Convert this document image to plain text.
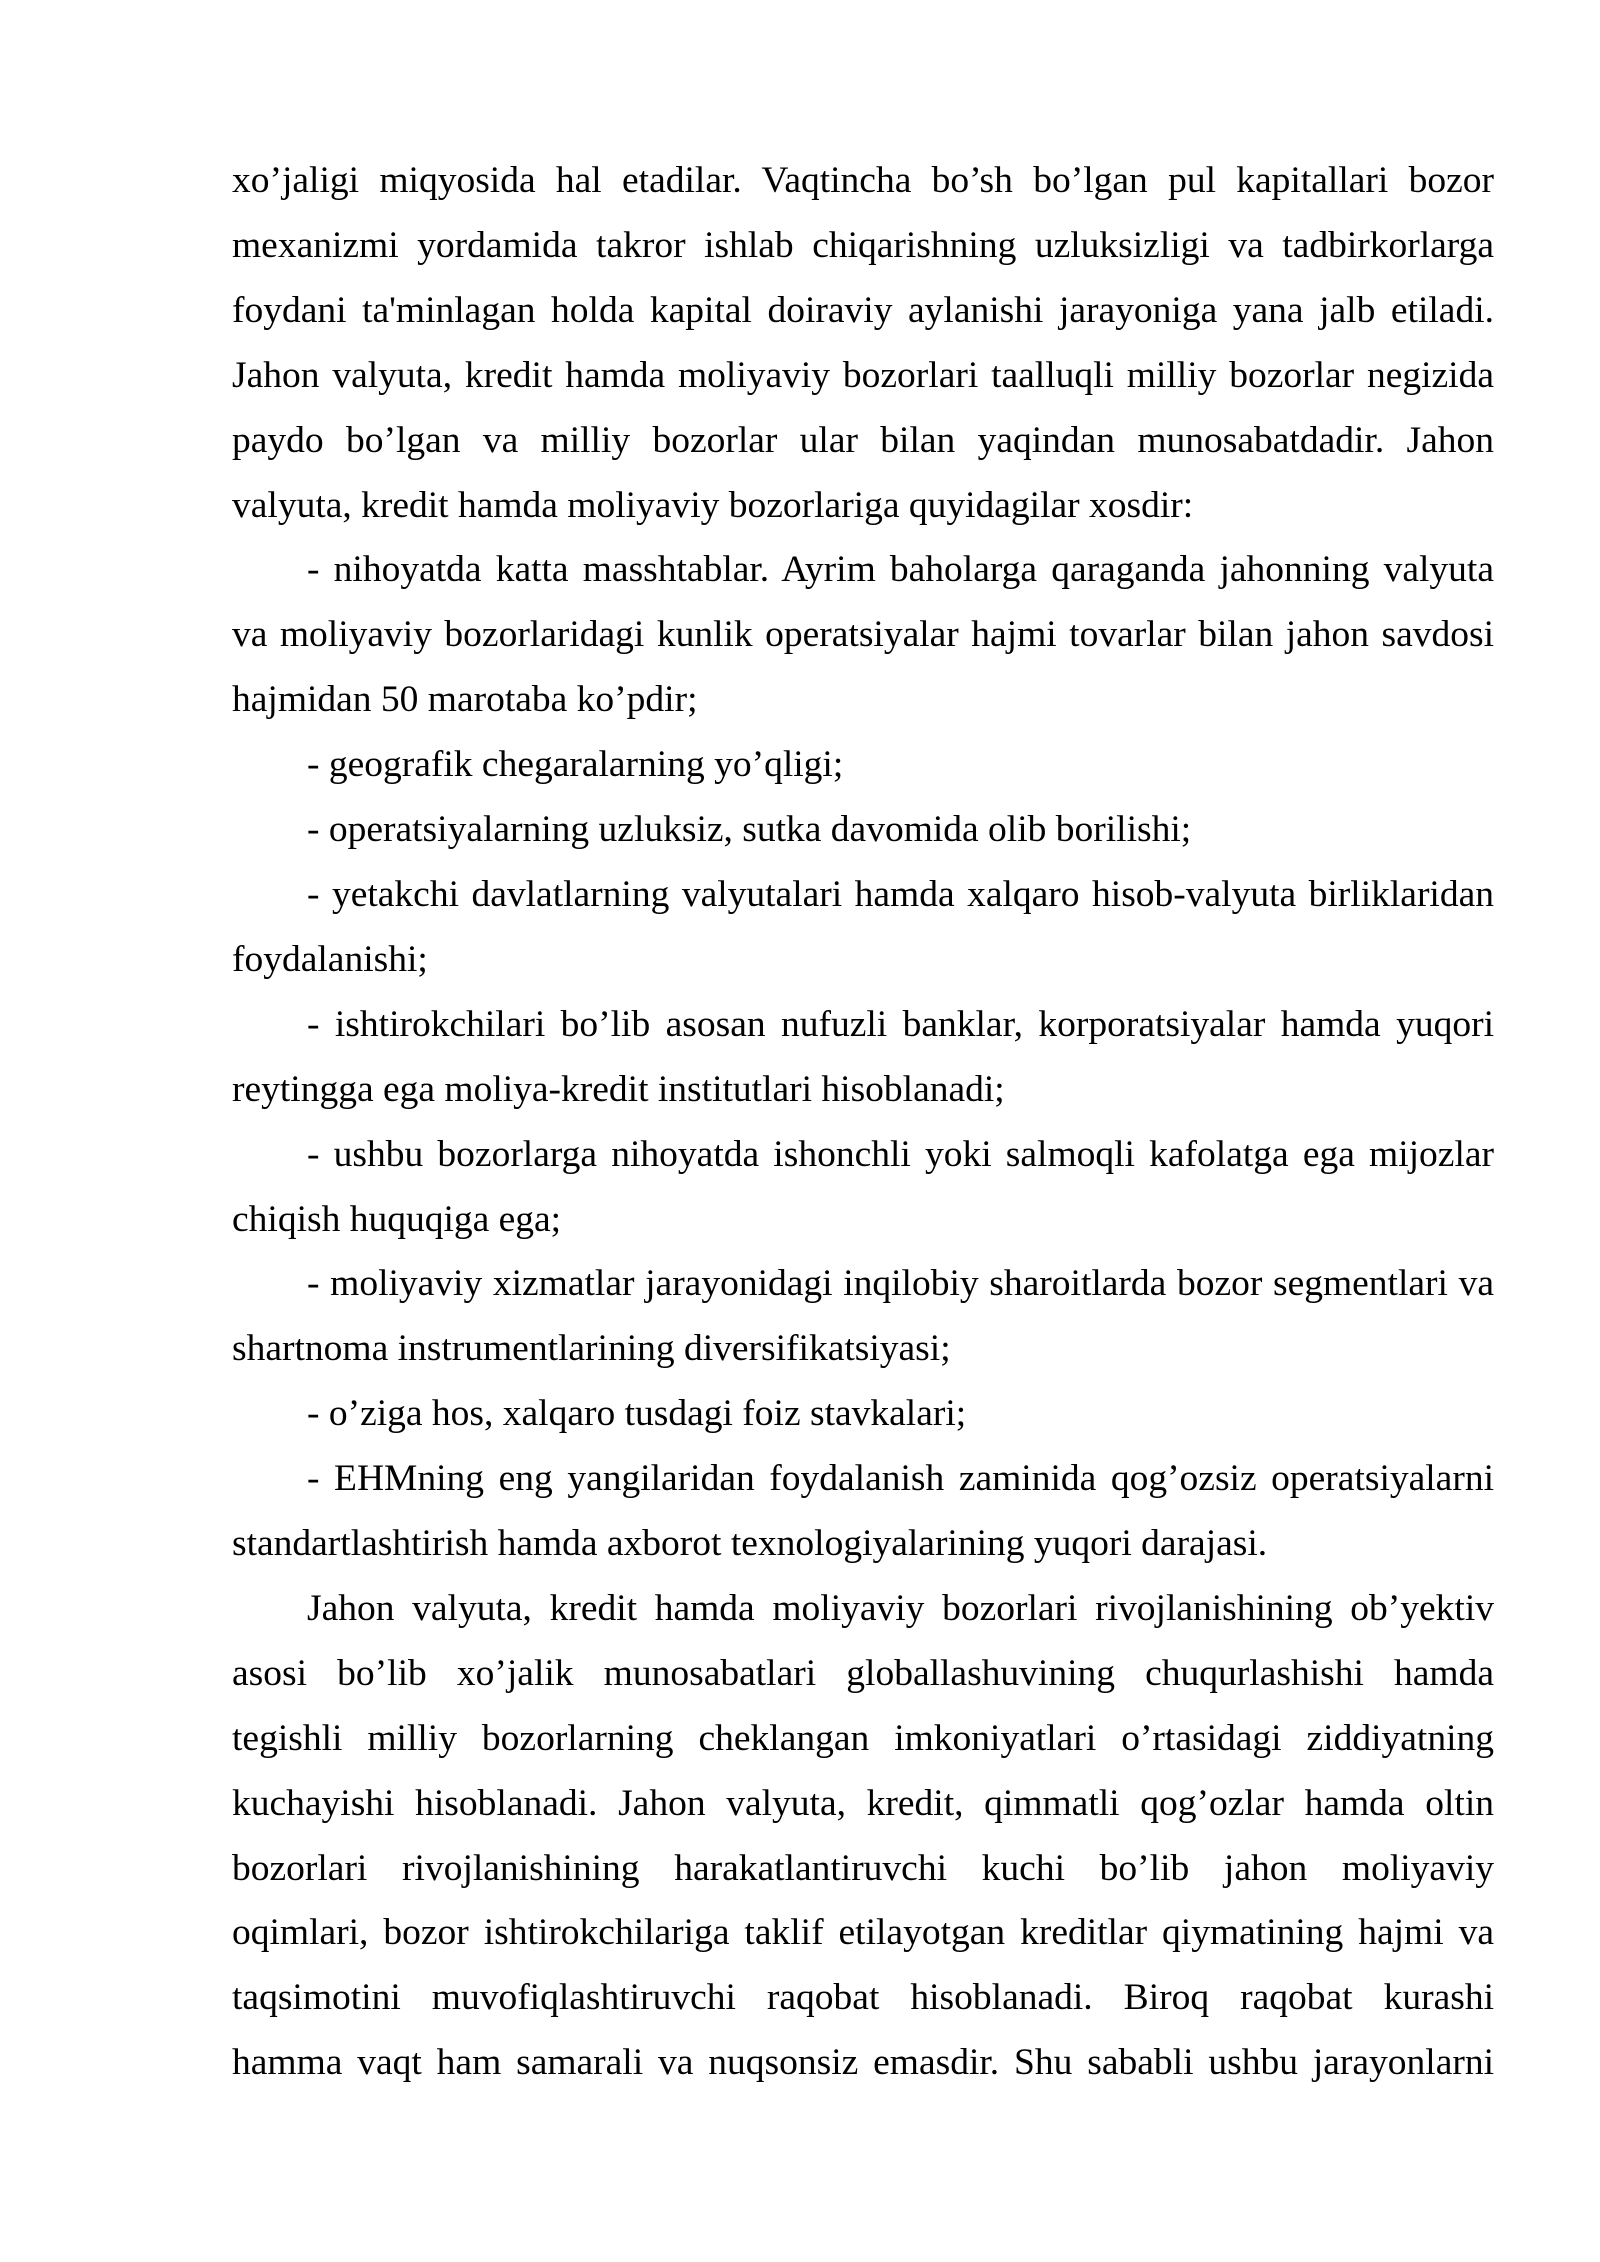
xo’jaligi miqyosida hal etadilar. Vaqtincha bo’sh bo’lgan pul kapitallari bozor
mexanizmi yordamida takror ishlab chiqarishning uzluksizligi va tadbirkorlarga
foydani ta'minlagan holda kapital doiraviy aylanishi jarayoniga yana jalb etiladi.
Jahon valyuta, kredit hamda moliyaviy bozorlari taalluqli milliy bozorlar negizida
paydo bo’lgan va milliy bozorlar ular bilan yaqindan munosabatdadir. Jahon
valyuta, kredit hamda moliyaviy bozorlariga quyidagilar xosdir:
- nihoyatda katta masshtablar. Ayrim baholarga qaraganda jahonning valyuta
va moliyaviy bozorlaridagi kunlik operatsiyalar hajmi tovarlar bilan jahon savdosi
hajmidan 50 marotaba ko’pdir;
- geografik chegaralarning yo’qligi;
- operatsiyalarning uzluksiz, sutka davomida olib borilishi;
- yetakchi davlatlarning valyutalari hamda xalqaro hisob-valyuta birliklaridan
foydalanishi;
- ishtirokchilari bo’lib asosan nufuzli banklar, korporatsiyalar hamda yuqori
reytingga ega moliya-kredit institutlari hisoblanadi;
- ushbu bozorlarga nihoyatda ishonchli yoki salmoqli kafolatga ega mijozlar
chiqish huquqiga ega;
- moliyaviy xizmatlar jarayonidagi inqilobiy sharoitlarda bozor segmentlari va
shartnoma instrumentlarining diversifikatsiyasi;
- o’ziga hos, xalqaro tusdagi foiz stavkalari;
- EHMning eng yangilaridan foydalanish zaminida qog’ozsiz operatsiyalarni
standartlashtirish hamda axborot texnologiyalarining yuqori darajasi.
Jahon valyuta, kredit hamda moliyaviy bozorlari rivojlanishining ob’yektiv
asosi bo’lib xo’jalik munosabatlari globallashuvining chuqurlashishi hamda
tegishli milliy bozorlarning cheklangan imkoniyatlari o’rtasidagi ziddiyatning
kuchayishi hisoblanadi. Jahon valyuta, kredit, qimmatli qog’ozlar hamda oltin
bozorlari rivojlanishining harakatlantiruvchi kuchi bo’lib jahon moliyaviy
oqimlari, bozor ishtirokchilariga taklif etilayotgan kreditlar qiymatining hajmi va
taqsimotini muvofiqlashtiruvchi raqobat hisoblanadi. Biroq raqobat kurashi
hamma vaqt ham samarali va nuqsonsiz emasdir. Shu sababli ushbu jarayonlarni
